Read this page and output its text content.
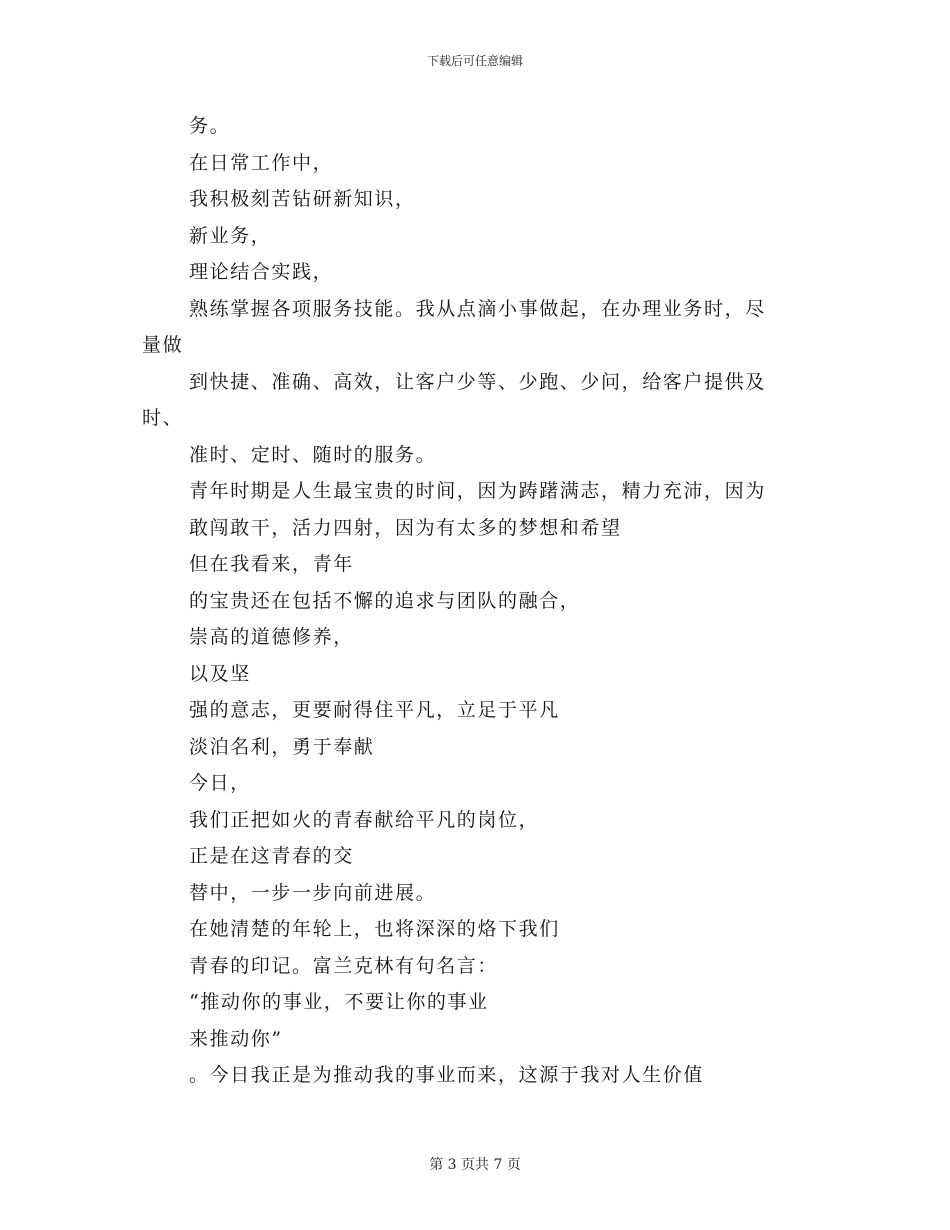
下载后可任意编辑

务。

在日常工作中，

我积极刻苦钻研新知识，

新业务，

理论结合实践，

熟练掌握各项服务技能。我从点滴小事做起，在办理业务时，尽

量做

到快捷、准确、高效，让客户少等、少跑、少问，给客户提供及

时、

准时、定时、随时的服务。

青年时期是人生最宝贵的时间，因为踌躇满志，精力充沛，因为

敢闯敢干，活力四射，因为有太多的梦想和希望

但在我看来，青年

的宝贵还在包括不懈的追求与团队的融合，

崇高的道德修养，

以及坚

强的意志，更要耐得住平凡，立足于平凡

淡泊名利，勇于奉献

今日，

我们正把如火的青春献给平凡的岗位，

正是在这青春的交

替中，一步一步向前进展。

在她清楚的年轮上，也将深深的烙下我们

青春的印记。富兰克林有句名言：

“推动你的事业，不要让你的事业

来推动你”

。今日我正是为推动我的事业而来，这源于我对人生价值

第 3 页共 7 页
